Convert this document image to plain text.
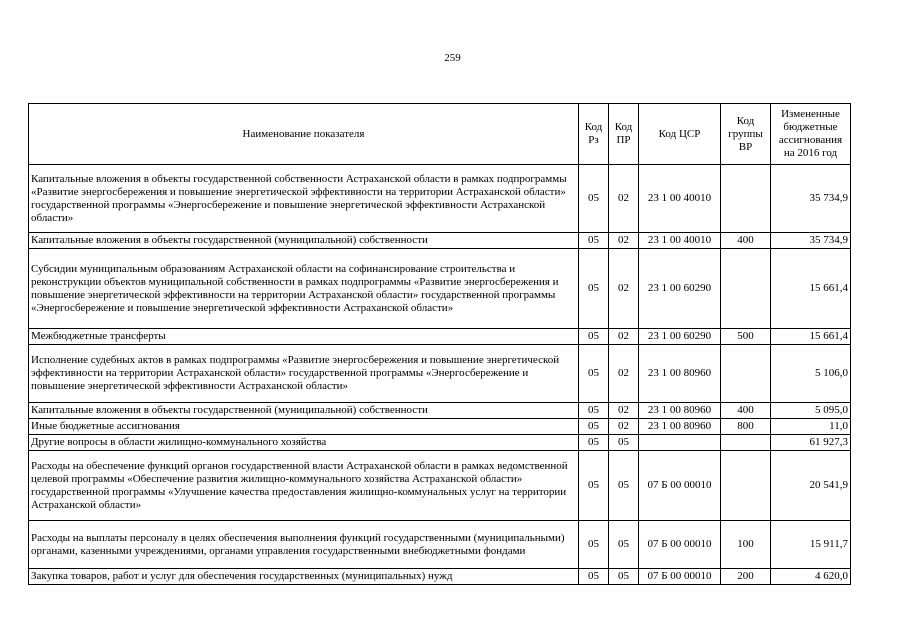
259
Наименование показателя	Код Рз	Код ПР	Код ЦСР	Код группы ВР	Измененные бюджетные ассигнования на 2016 год
Капитальные вложения в объекты государственной собственности Астраханской области в рамках подпрограммы «Развитие энергосбережения и повышение энергетической эффективности на территории Астраханской области» государственной программы «Энергосбережение и повышение энергетической эффективности Астраханской области»	05	02	23 1 00 40010		35 734,9
Капитальные вложения в объекты государственной (муниципальной) собственности	05	02	23 1 00 40010	400	35 734,9
Субсидии муниципальным образованиям Астраханской области на софинансирование строительства и реконструкции объектов муниципальной собственности в рамках подпрограммы «Развитие энергосбережения и повышение энергетической эффективности на территории Астраханской области» государственной программы «Энергосбережение и повышение энергетической эффективности Астраханской области»	05	02	23 1 00 60290		15 661,4
Межбюджетные трансферты	05	02	23 1 00 60290	500	15 661,4
Исполнение судебных актов в рамках подпрограммы «Развитие энергосбережения и повышение энергетической эффективности на территории Астраханской области» государственной программы «Энергосбережение и повышение энергетической эффективности Астраханской области»	05	02	23 1 00 80960		5 106,0
Капитальные вложения в объекты государственной (муниципальной) собственности	05	02	23 1 00 80960	400	5 095,0
Иные бюджетные ассигнования	05	02	23 1 00 80960	800	11,0
Другие вопросы в области жилищно-коммунального хозяйства	05	05			61 927,3
Расходы на обеспечение функций органов государственной власти Астраханской области в рамках ведомственной целевой программы «Обеспечение развития жилищно-коммунального хозяйства Астраханской области» государственной программы «Улучшение качества предоставления жилищно-коммунальных услуг на территории Астраханской области»	05	05	07 Б 00 00010		20 541,9
Расходы на выплаты персоналу в целях обеспечения выполнения функций государственными (муниципальными) органами, казенными учреждениями, органами управления государственными внебюджетными фондами	05	05	07 Б 00 00010	100	15 911,7
Закупка товаров, работ и услуг для обеспечения государственных (муниципальных) нужд	05	05	07 Б 00 00010	200	4 620,0
